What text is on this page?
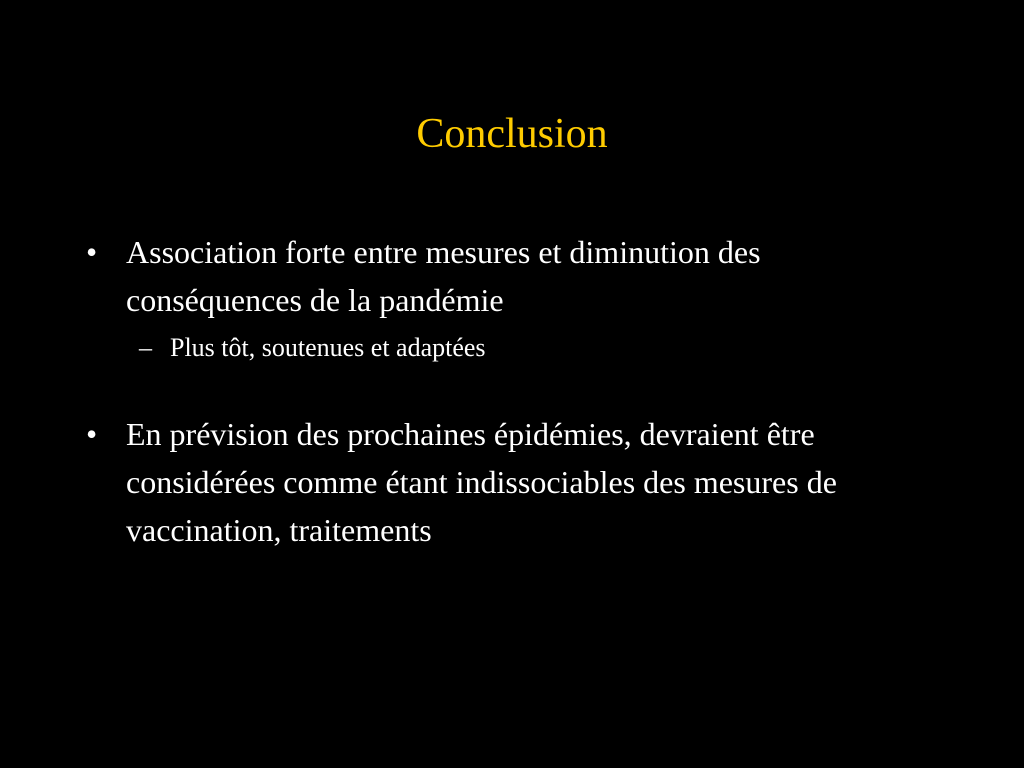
Conclusion

• Association forte entre mesures et diminution des conséquences de la pandémie

– Plus tôt, soutenues et adaptées

• En prévision des prochaines épidémies, devraient être considérées comme étant indissociables des mesures de vaccination, traitements
